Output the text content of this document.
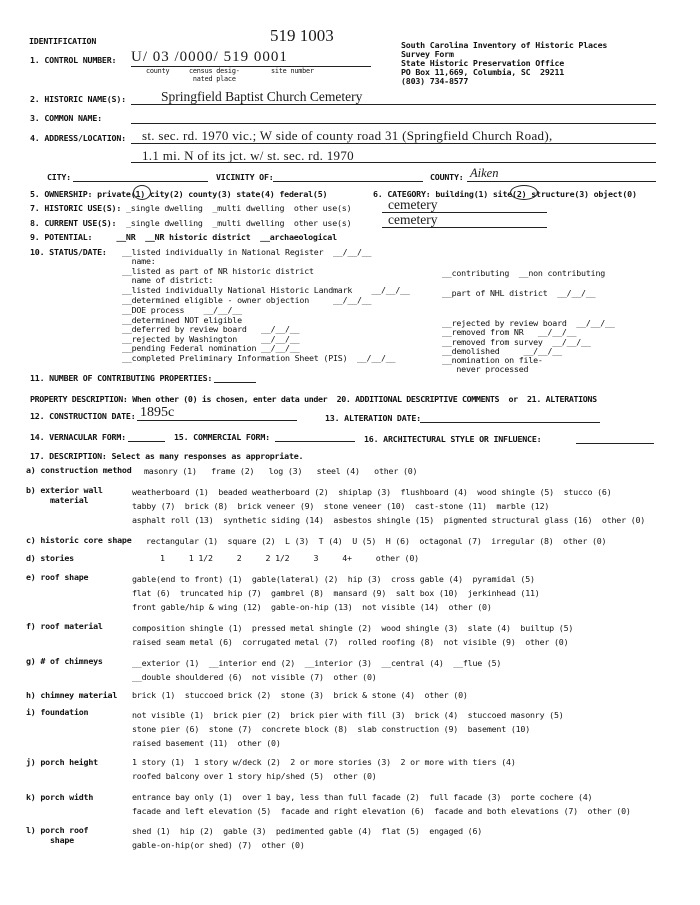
IDENTIFICATION	519 1003	South Carolina Inventory of Historic Places
Survey Form
State Historic Preservation Office
PO Box 11,669, Columbia, SC  29211
(803) 734-8577
1. CONTROL NUMBER: U/ 03 /0000/ 519 0001
county	census desig-
nated place
site number
2. HISTORIC NAME(S):	Springfield Baptist Church Cemetery
3. COMMON NAME:
4. ADDRESS/LOCATION: st. sec. rd. 1970 vic.; W side of county road 31 (Springfield Church Road),
1.1 mi. N of its jct. w/ st. sec. rd. 1970
CITY:	VICINITY OF:	COUNTY: Aiken
5. OWNERSHIP: private(1) city(2) county(3) state(4) federal(5)	6. CATEGORY: building(1) site(2) structure(3) object(0)
7. HISTORIC USE(S): _single dwelling  _multi dwelling  other use(s)	cemetery
8. CURRENT USE(S): _single dwelling  _multi dwelling  other use(s)	cemetery
9. POTENTIAL:     __NR  __NR historic district  __archaeological
10. STATUS/DATE: __listed individually in National Register  __/__/__
name:
__listed as part of NR historic district
name of district:
__listed individually National Historic Landmark    __/__/__
__determined eligible - owner objection     __/__/__
__DOE process    __/__/__
__determined NOT eligible
__deferred by review board   __/__/__
__rejected by Washington     __/__/__
__pending Federal nomination __/__/__
__completed Preliminary Information Sheet (PIS)  __/__/__
__contributing  __non contributing
__part of NHL district  __/__/__
__rejected by review board  __/__/__
__removed from NR   __/__/__
__removed from survey  __/__/__
__demolished     __/__/__
__nomination on file-
never processed
11. NUMBER OF CONTRIBUTING PROPERTIES:
PROPERTY DESCRIPTION: When other (0) is chosen, enter data under  20. ADDITIONAL DESCRIPTIVE COMMENTS  or  21. ALTERATIONS
12. CONSTRUCTION DATE: 1895c	13. ALTERATION DATE:
14. VERNACULAR FORM:	15. COMMERCIAL FORM:	16. ARCHITECTURAL STYLE OR INFLUENCE:
17. DESCRIPTION: Select as many responses as appropriate.
a) construction method masonry (1)   frame (2)   log (3)   steel (4)   other (0)
b) exterior wall
material
weatherboard (1)  beaded weatherboard (2)  shiplap (3)  flushboard (4)  wood shingle (5)  stucco (6)
tabby (7)  brick (8)  brick veneer (9)  stone veneer (10)  cast-stone (11)  marble (12)
asphalt roll (13)  synthetic siding (14)  asbestos shingle (15)  pigmented structural glass (16)  other (0)
c) historic core shape rectangular (1)  square (2)  L (3)  T (4)  U (5)  H (6)  octagonal (7)  irregular (8)  other (0)
d) stories	1     1 1/2     2     2 1/2     3     4+     other (0)
e) roof shape	gable(end to front) (1)  gable(lateral) (2)  hip (3)  cross gable (4)  pyramidal (5)
flat (6)  truncated hip (7)  gambrel (8)  mansard (9)  salt box (10)  jerkinhead (11)
front gable/hip & wing (12)  gable-on-hip (13)  not visible (14)  other (0)
f) roof material	composition shingle (1)  pressed metal shingle (2)  wood shingle (3)  slate (4)  builtup (5)
raised seam metal (6)  corrugated metal (7)  rolled roofing (8)  not visible (9)  other (0)
g) # of chimneys	__exterior (1)  __interior end (2)  __interior (3)  __central (4)  __flue (5)
__double shouldered (6)  not visible (7)  other (0)
h) chimney material brick (1)  stuccoed brick (2)  stone (3)  brick & stone (4)  other (0)
i) foundation	not visible (1)  brick pier (2)  brick pier with fill (3)  brick (4)  stuccoed masonry (5)
stone pier (6)  stone (7)  concrete block (8)  slab construction (9)  basement (10)
raised basement (11)  other (0)
j) porch height	1 story (1)  1 story w/deck (2)  2 or more stories (3)  2 or more with tiers (4)
roofed balcony over 1 story hip/shed (5)  other (0)
k) porch width	entrance bay only (1)  over 1 bay, less than full facade (2)  full facade (3)  porte cochere (4)
facade and left elevation (5)  facade and right elevation (6)  facade and both elevations (7)  other (0)
l) porch roof
shape
shed (1)  hip (2)  gable (3)  pedimented gable (4)  flat (5)  engaged (6)
gable-on-hip(or shed) (7)  other (0)
